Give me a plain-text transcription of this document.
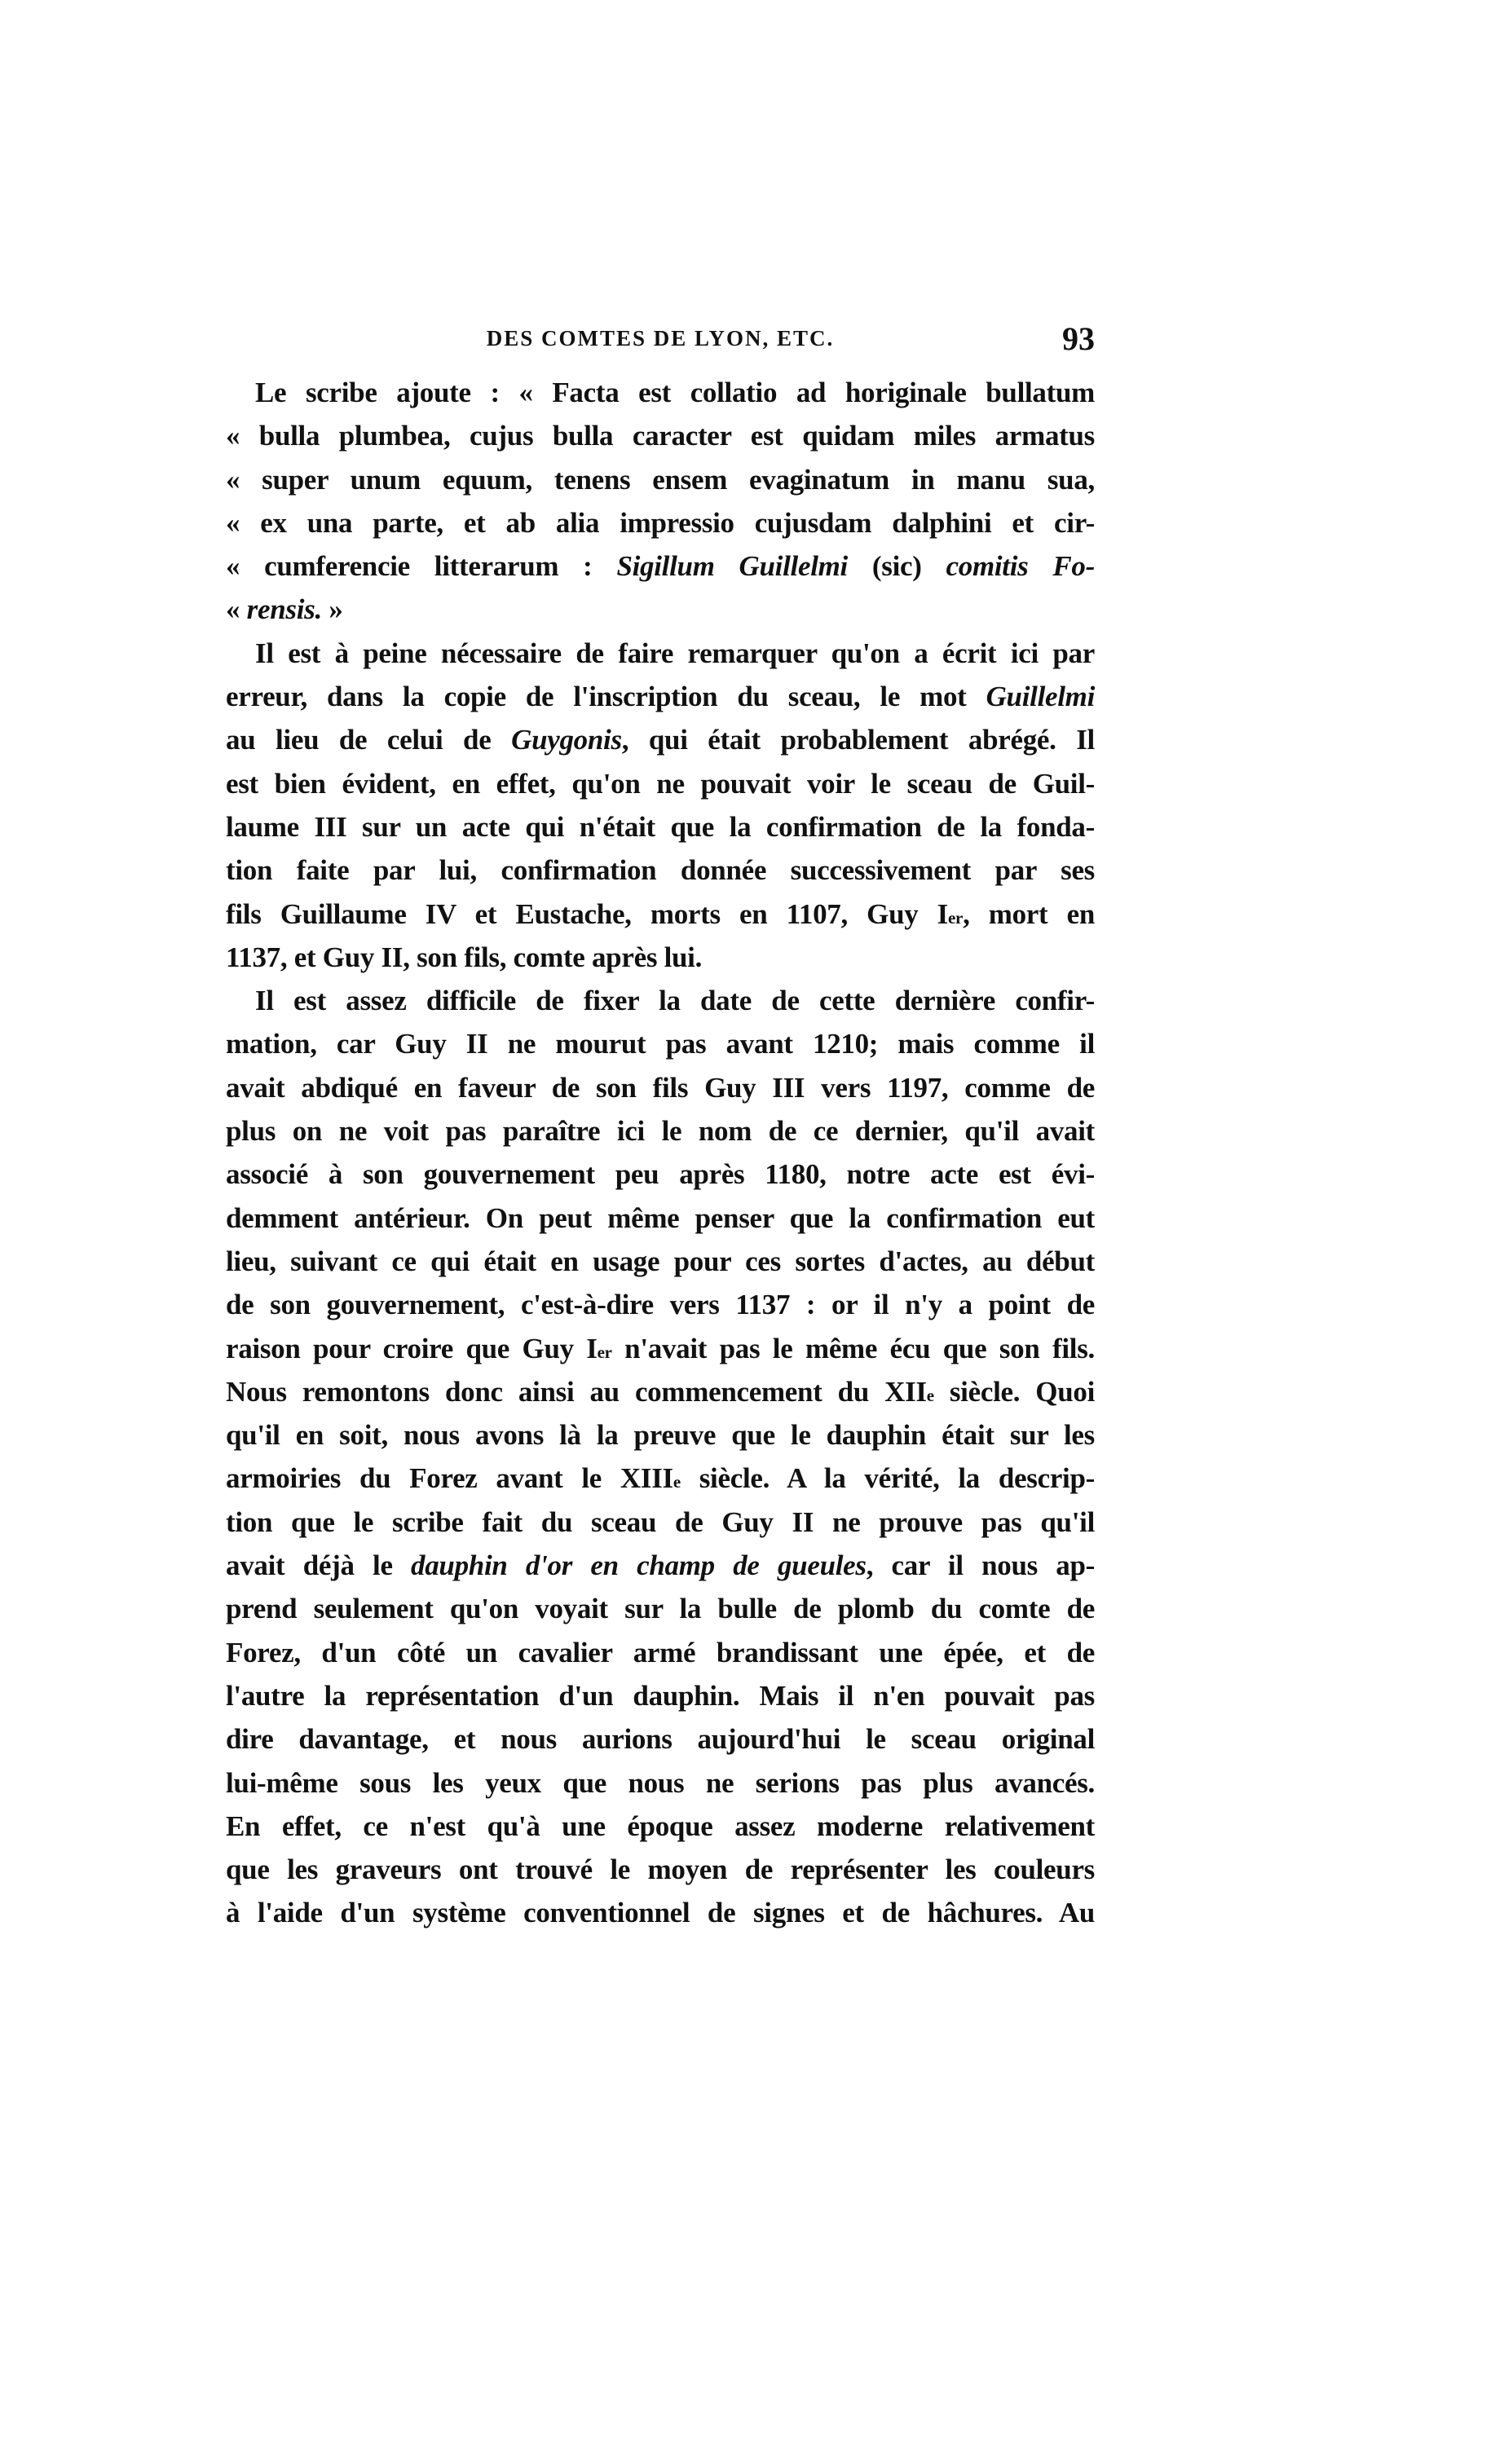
DES COMTES DE LYON, ETC.	93
Le scribe ajoute : « Facta est collatio ad horiginale bullatum
« bulla plumbea, cujus bulla caracter est quidam miles armatus
« super unum equum, tenens ensem evaginatum in manu sua,
« ex una parte, et ab alia impressio cujusdam dalphini et cir-
« cumferencie litterarum : Sigillum Guillelmi (sic) comitis Fo-
« rensis. »
Il est à peine nécessaire de faire remarquer qu'on a écrit ici par
erreur, dans la copie de l'inscription du sceau, le mot Guillelmi
au lieu de celui de Guygonis, qui était probablement abrégé. Il
est bien évident, en effet, qu'on ne pouvait voir le sceau de Guil-
laume III sur un acte qui n'était que la confirmation de la fonda-
tion faite par lui, confirmation donnée successivement par ses
fils Guillaume IV et Eustache, morts en 1107, Guy Ier, mort en
1137, et Guy II, son fils, comte après lui.
Il est assez difficile de fixer la date de cette dernière confir-
mation, car Guy II ne mourut pas avant 1210; mais comme il
avait abdiqué en faveur de son fils Guy III vers 1197, comme de
plus on ne voit pas paraître ici le nom de ce dernier, qu'il avait
associé à son gouvernement peu après 1180, notre acte est évi-
demment antérieur. On peut même penser que la confirmation eut
lieu, suivant ce qui était en usage pour ces sortes d'actes, au début
de son gouvernement, c'est-à-dire vers 1137 : or il n'y a point de
raison pour croire que Guy Ier n'avait pas le même écu que son fils.
Nous remontons donc ainsi au commencement du XIIe siècle. Quoi
qu'il en soit, nous avons là la preuve que le dauphin était sur les
armoiries du Forez avant le XIIIe siècle. A la vérité, la descrip-
tion que le scribe fait du sceau de Guy II ne prouve pas qu'il
avait déjà le dauphin d'or en champ de gueules, car il nous ap-
prend seulement qu'on voyait sur la bulle de plomb du comte de
Forez, d'un côté un cavalier armé brandissant une épée, et de
l'autre la représentation d'un dauphin. Mais il n'en pouvait pas
dire davantage, et nous aurions aujourd'hui le sceau original
lui-même sous les yeux que nous ne serions pas plus avancés.
En effet, ce n'est qu'à une époque assez moderne relativement
que les graveurs ont trouvé le moyen de représenter les couleurs
à l'aide d'un système conventionnel de signes et de hâchures. Au
